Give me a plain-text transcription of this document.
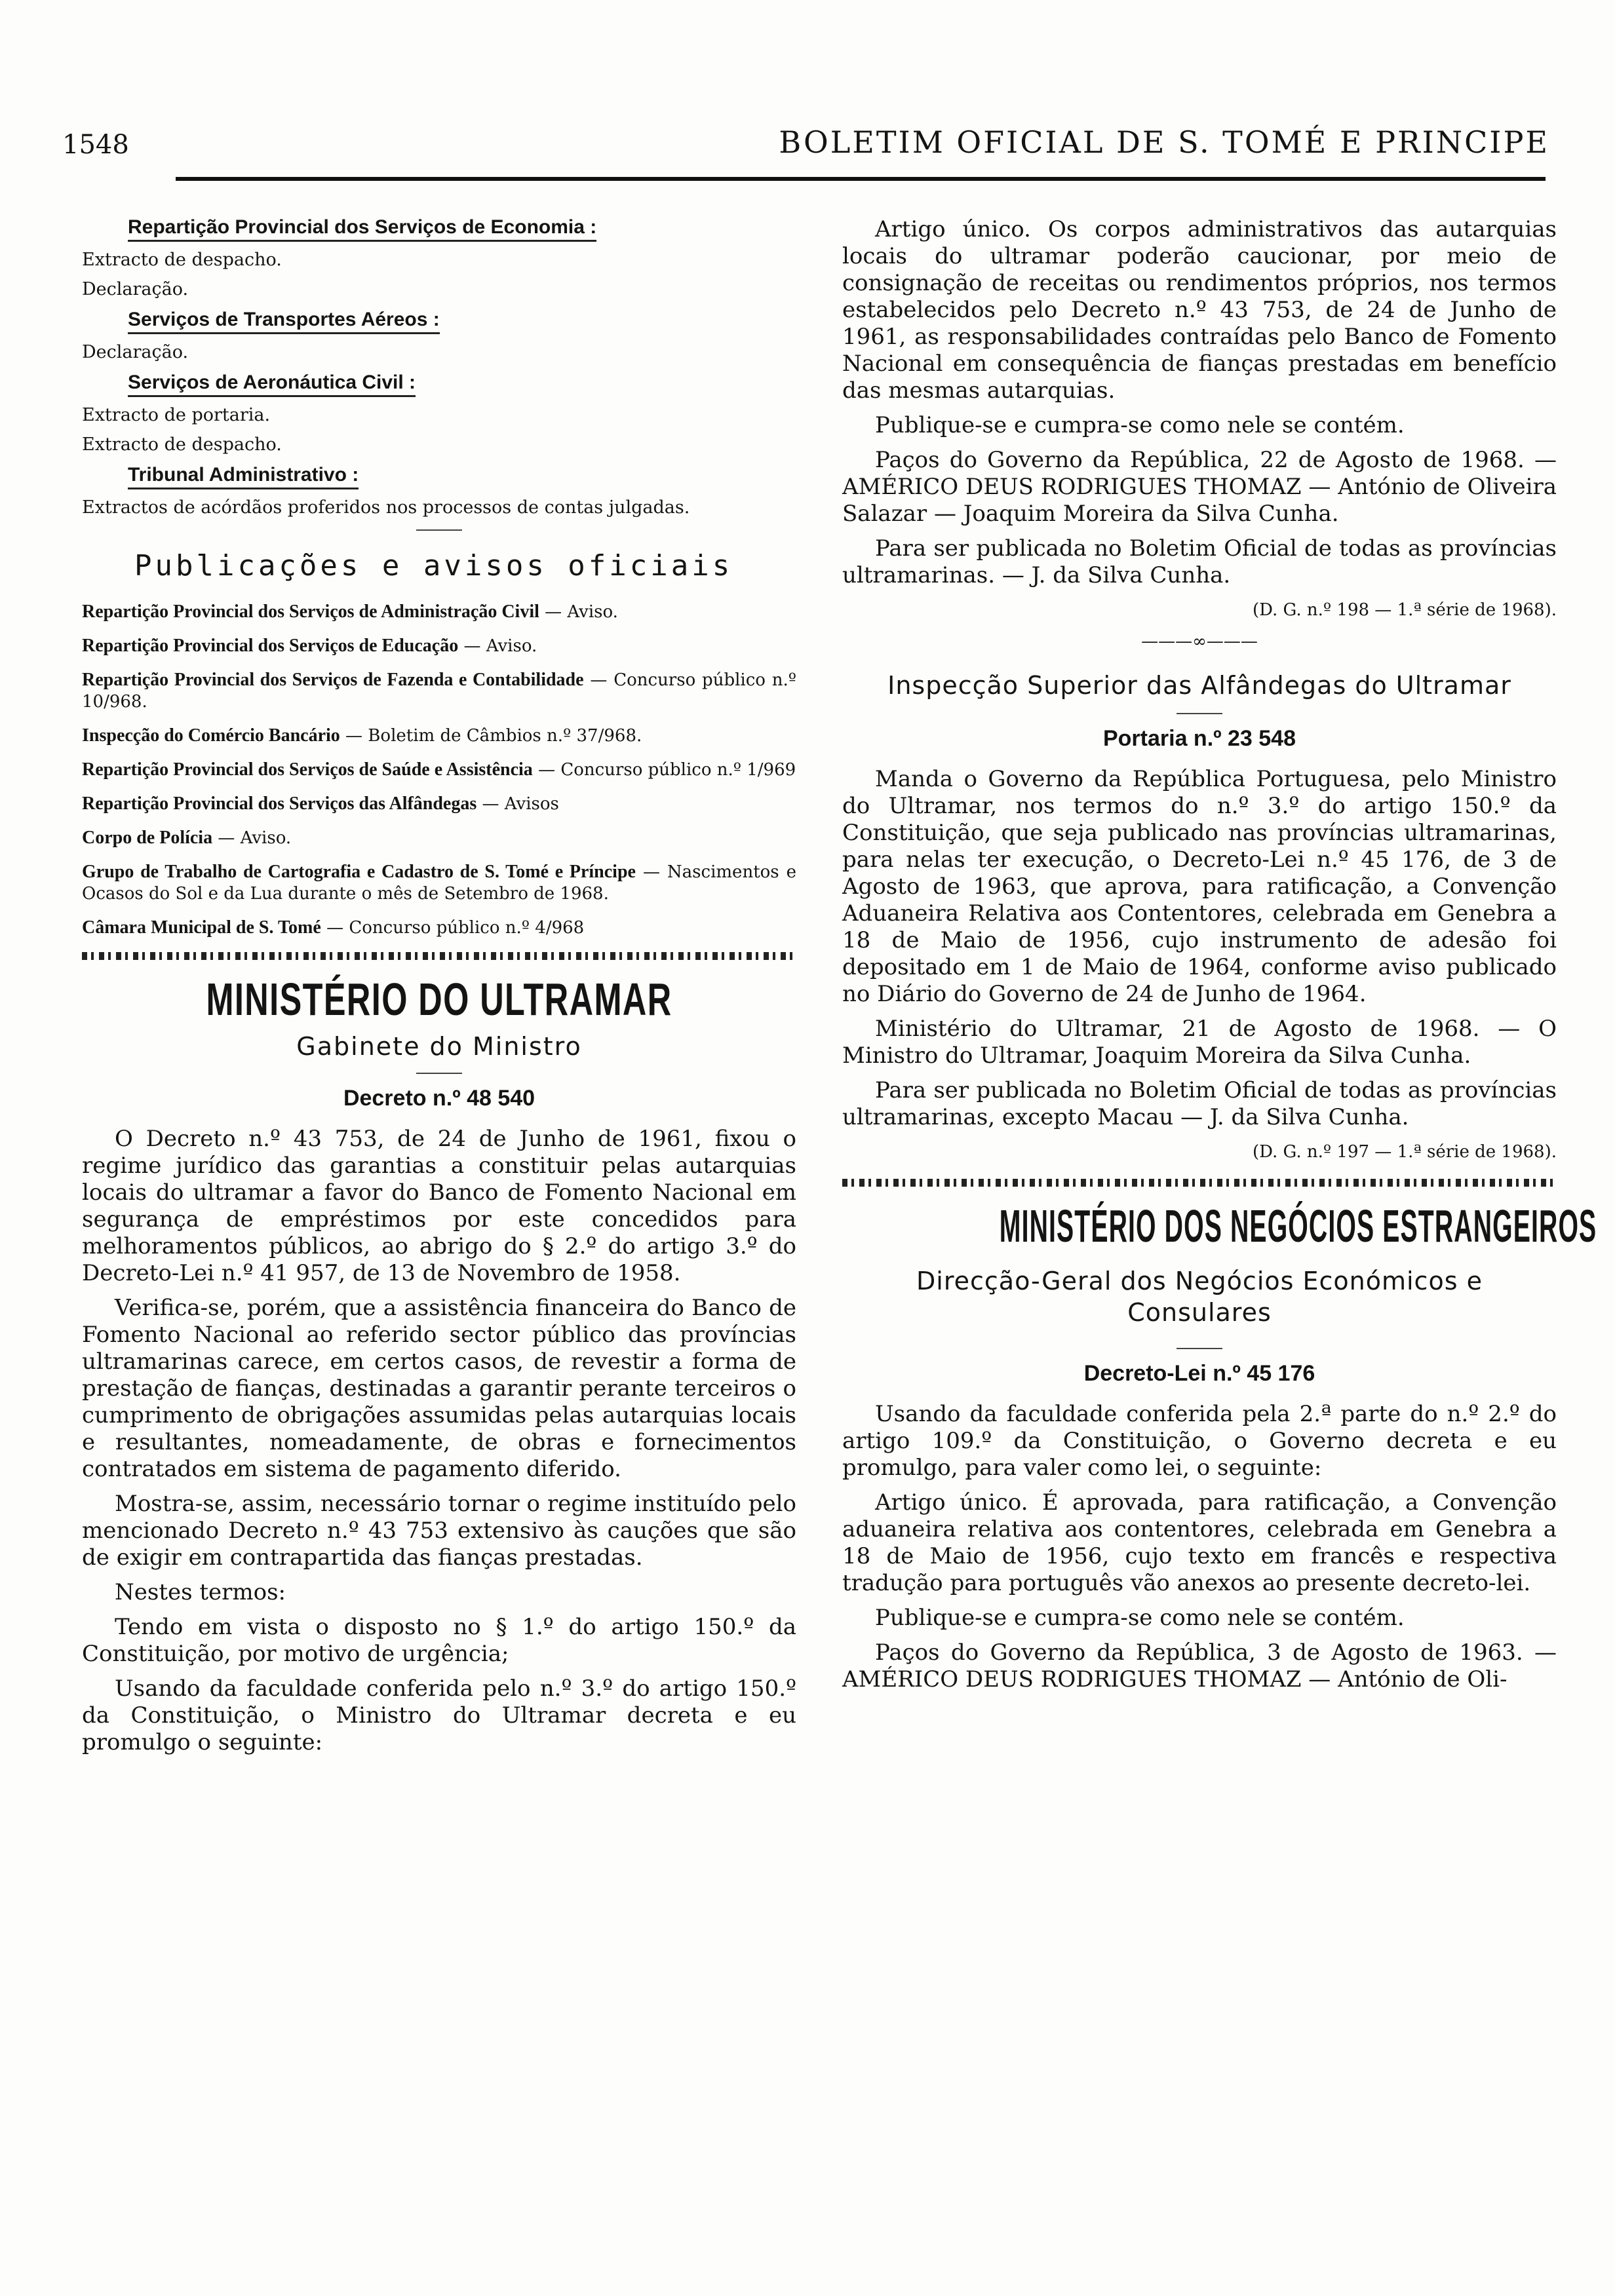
1548	BOLETIM OFICIAL DE S. TOMÉ E PRINCIPE
Repartição Provincial dos Serviços de Economia :
Extracto de despacho.
Declaração.
Serviços de Transportes Aéreos :
Declaração.
Serviços de Aeronáutica Civil :
Extracto de portaria.
Extracto de despacho.
Tribunal Administrativo :
Extractos de acórdãos proferidos nos processos de contas julgadas.
Publicações e avisos oficiais
Repartição Provincial dos Serviços de Administração Civil — Aviso.
Repartição Provincial dos Serviços de Educação — Aviso.
Repartição Provincial dos Serviços de Fazenda e Contabilidade — Concurso público n.º 10/968.
Inspecção do Comércio Bancário — Boletim de Câmbios n.º 37/968.
Repartição Provincial dos Serviços de Saúde e Assistência — Concurso público n.º 1/969
Repartição Provincial dos Serviços das Alfândegas — Avisos
Corpo de Polícia — Aviso.
Grupo de Trabalho de Cartografia e Cadastro de S. Tomé e Príncipe — Nascimentos e Ocasos do Sol e da Lua durante o mês de Setembro de 1968.
Câmara Municipal de S. Tomé — Concurso público n.º 4/968
MINISTÉRIO DO ULTRAMAR
Gabinete do Ministro
Decreto n.º 48 540

O Decreto n.º 43 753, de 24 de Junho de 1961, fixou o regime jurídico das garantias a constituir pelas autarquias locais do ultramar a favor do Banco de Fomento Nacional em segurança de empréstimos por este concedidos para melhoramentos públicos, ao abrigo do § 2.º do artigo 3.º do Decreto-Lei n.º 41 957, de 13 de Novembro de 1958.

Verifica-se, porém, que a assistência financeira do Banco de Fomento Nacional ao referido sector público das províncias ultramarinas carece, em certos casos, de revestir a forma de prestação de fianças, destinadas a garantir perante terceiros o cumprimento de obrigações assumidas pelas autarquias locais e resultantes, nomeadamente, de obras e fornecimentos contratados em sistema de pagamento diferido.

Mostra-se, assim, necessário tornar o regime instituído pelo mencionado Decreto n.º 43 753 extensivo às cauções que são de exigir em contrapartida das fianças prestadas.

Nestes termos:

Tendo em vista o disposto no § 1.º do artigo 150.º da Constituição, por motivo de urgência;

Usando da faculdade conferida pelo n.º 3.º do artigo 150.º da Constituição, o Ministro do Ultramar decreta e eu promulgo o seguinte:

Artigo único. Os corpos administrativos das autarquias locais do ultramar poderão caucionar, por meio de consignação de receitas ou rendimentos próprios, nos termos estabelecidos pelo Decreto n.º 43 753, de 24 de Junho de 1961, as responsabilidades contraídas pelo Banco de Fomento Nacional em consequência de fianças prestadas em benefício das mesmas autarquias.

Publique-se e cumpra-se como nele se contém.

Paços do Governo da República, 22 de Agosto de 1968. — AMÉRICO DEUS RODRIGUES THOMAZ — António de Oliveira Salazar — Joaquim Moreira da Silva Cunha.

Para ser publicada no Boletim Oficial de todas as províncias ultramarinas. — J. da Silva Cunha.

(D. G. n.º 198 — 1.ª série de 1968).
———∞———
Inspecção Superior das Alfândegas do Ultramar
Portaria n.º 23 548

Manda o Governo da República Portuguesa, pelo Ministro do Ultramar, nos termos do n.º 3.º do artigo 150.º da Constituição, que seja publicado nas províncias ultramarinas, para nelas ter execução, o Decreto-Lei n.º 45 176, de 3 de Agosto de 1963, que aprova, para ratificação, a Convenção Aduaneira Relativa aos Contentores, celebrada em Genebra a 18 de Maio de 1956, cujo instrumento de adesão foi depositado em 1 de Maio de 1964, conforme aviso publicado no Diário do Governo de 24 de Junho de 1964.

Ministério do Ultramar, 21 de Agosto de 1968. — O Ministro do Ultramar, Joaquim Moreira da Silva Cunha.

Para ser publicada no Boletim Oficial de todas as províncias ultramarinas, excepto Macau — J. da Silva Cunha.

(D. G. n.º 197 — 1.ª série de 1968).
MINISTÉRIO DOS NEGÓCIOS ESTRANGEIROS
Direcção-Geral dos Negócios Económicos e Consulares
Decreto-Lei n.º 45 176

Usando da faculdade conferida pela 2.ª parte do n.º 2.º do artigo 109.º da Constituição, o Governo decreta e eu promulgo, para valer como lei, o seguinte:

Artigo único. É aprovada, para ratificação, a Convenção aduaneira relativa aos contentores, celebrada em Genebra a 18 de Maio de 1956, cujo texto em francês e respectiva tradução para português vão anexos ao presente decreto-lei.

Publique-se e cumpra-se como nele se contém.

Paços do Governo da República, 3 de Agosto de 1963. — AMÉRICO DEUS RODRIGUES THOMAZ — António de Oli-
